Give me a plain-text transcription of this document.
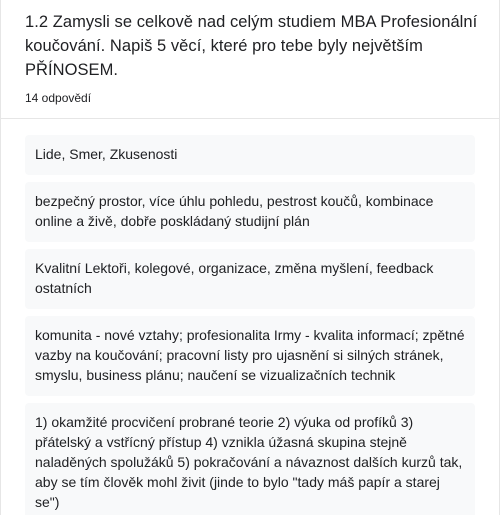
1.2 Zamysli se celkově nad celým studiem MBA Profesionální koučování. Napiš 5 věcí, které pro tebe byly největším PŘÍNOSEM.
14 odpovědí
Lide, Smer, Zkusenosti
bezpečný prostor, více úhlu pohledu, pestrost koučů, kombinace online a živě, dobře poskládaný studijní plán
Kvalitní Lektoři, kolegové, organizace, změna myšlení, feedback ostatních
komunita - nové vztahy; profesionalita Irmy - kvalita informací; zpětné vazby na koučování; pracovní listy pro ujasnění si silných stránek, smyslu, business plánu; naučení se vizualizačních technik
1) okamžité procvičení probrané teorie 2) výuka od profíků 3) přátelský a vstřícný přístup 4) vznikla úžasná skupina stejně naladěných spolužáků 5) pokračování a návaznost dalších kurzů tak, aby se tím člověk mohl živit (jinde to bylo "tady máš papír a starej se")
